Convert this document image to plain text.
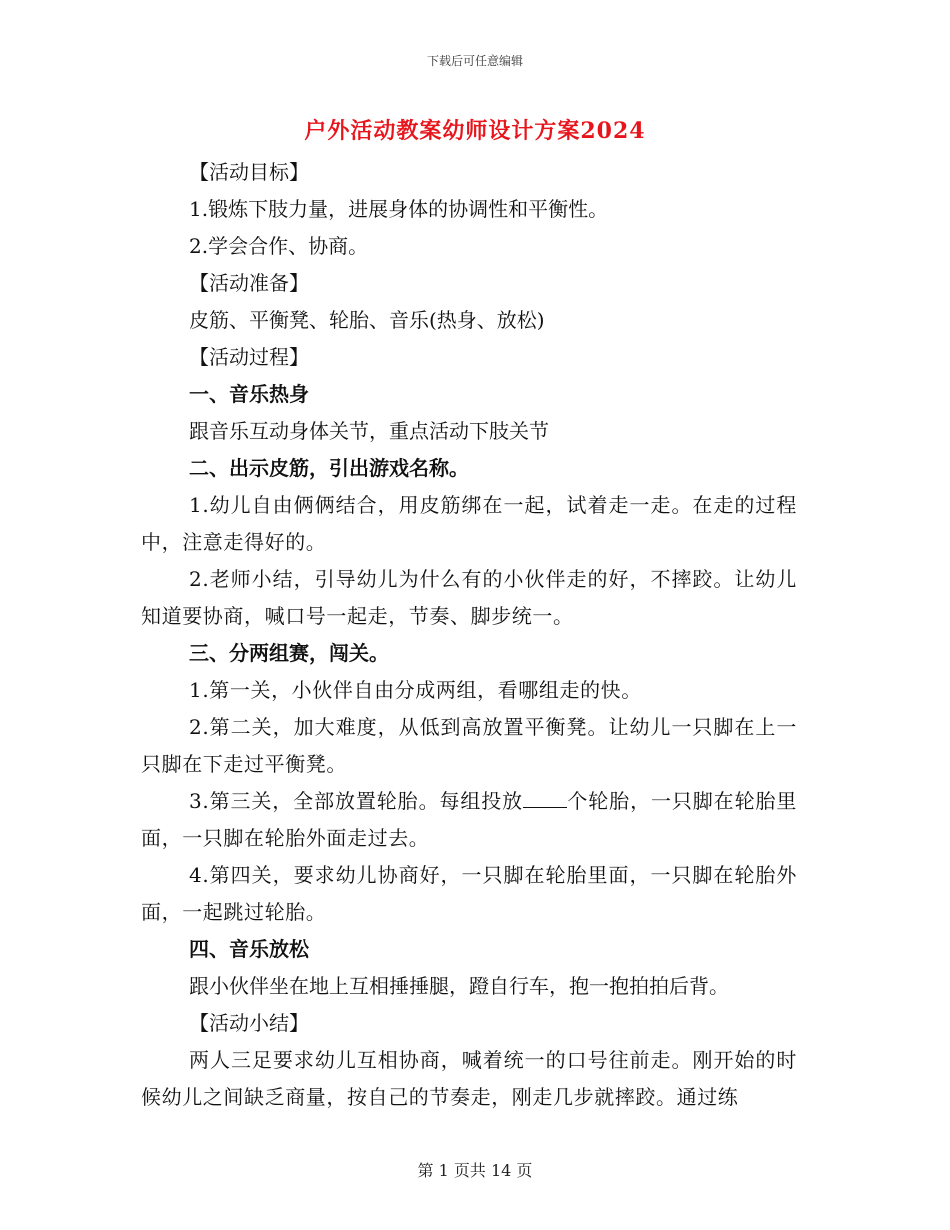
下载后可任意编辑
户外活动教案幼师设计方案2024
【活动目标】
1.锻炼下肢力量，进展身体的协调性和平衡性。
2.学会合作、协商。
【活动准备】
皮筋、平衡凳、轮胎、音乐(热身、放松)
【活动过程】
一、音乐热身
跟音乐互动身体关节，重点活动下肢关节
二、出示皮筋，引出游戏名称。
1.幼儿自由俩俩结合，用皮筋绑在一起，试着走一走。在走的过程中，注意走得好的。
2.老师小结，引导幼儿为什么有的小伙伴走的好，不摔跤。让幼儿知道要协商，喊口号一起走，节奏、脚步统一。
三、分两组赛，闯关。
1.第一关，小伙伴自由分成两组，看哪组走的快。
2.第二关，加大难度，从低到高放置平衡凳。让幼儿一只脚在上一只脚在下走过平衡凳。
3.第三关，全部放置轮胎。每组投放 个轮胎，一只脚在轮胎里面，一只脚在轮胎外面走过去。
4.第四关，要求幼儿协商好，一只脚在轮胎里面，一只脚在轮胎外面，一起跳过轮胎。
四、音乐放松
跟小伙伴坐在地上互相捶捶腿，蹬自行车，抱一抱拍拍后背。
【活动小结】
两人三足要求幼儿互相协商，喊着统一的口号往前走。刚开始的时候幼儿之间缺乏商量，按自己的节奏走，刚走几步就摔跤。通过练
第 1 页共 14 页
